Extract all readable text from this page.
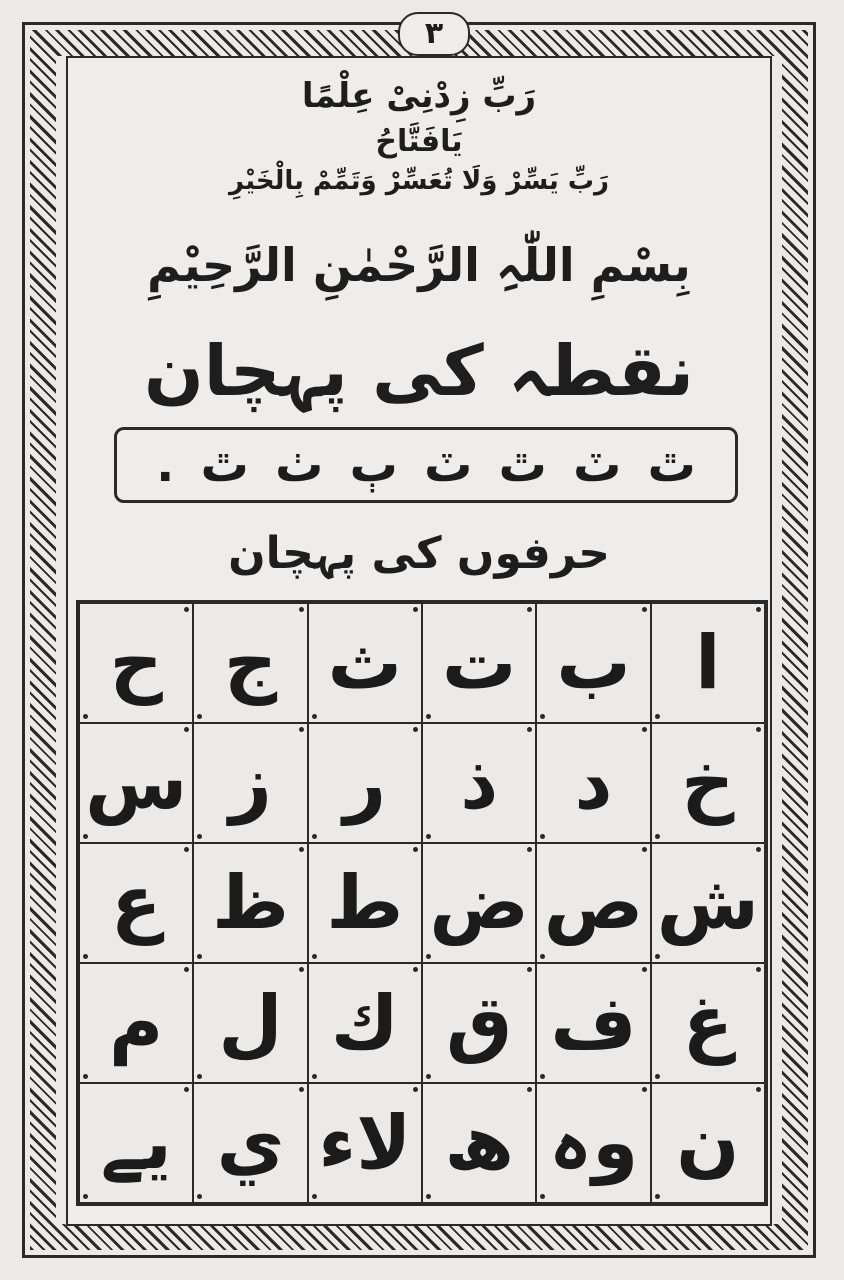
۳
رَبِّ زِدْنِیْ عِلْمًا
یَافَتَّاحُ
رَبِّ یَسِّرْ وَلَا تُعَسِّرْ وَتَمِّمْ بِالْخَیْرِ
بِسْمِ اللّٰہِ الرَّحْمٰنِ الرَّحِیْمِ
نقطہ کی پہچان
. ٿ ٺ ٻ ٽ ٿ ٽ ٿ
حرفوں کی پہچان
ا
ب
ت
ث
ج
ح
خ
د
ذ
ر
ز
س
ش
ص
ض
ط
ظ
ع
غ
ف
ق
ك
ل
م
ن
وہ
ھ
لاء
ي
یے
